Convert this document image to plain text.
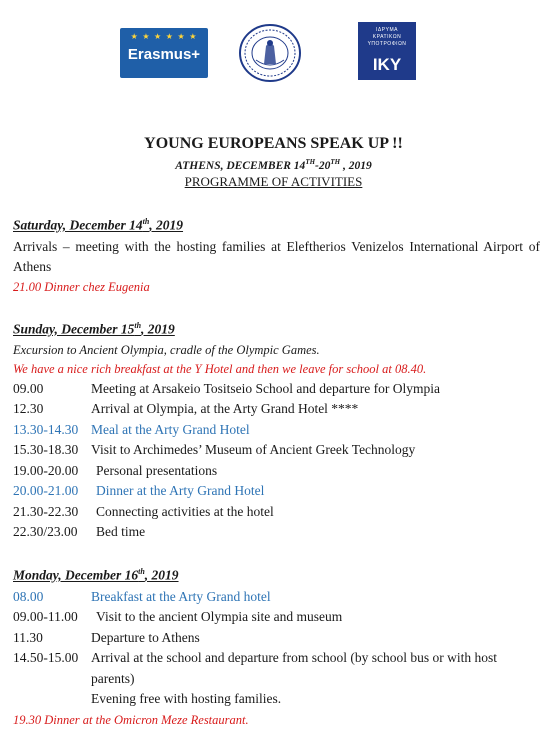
★ ★ ★ ★ ★ ★
Erasmus+
ΙΔΡΥΜΑ
ΚΡΑΤΙΚΩΝ
ΥΠΟΤΡΟΦΙΩΝ
IKY
YOUNG EUROPEANS SPEAK UP !!
ATHENS, DECEMBER 14TH-20TH , 2019
PROGRAMME OF ACTIVITIES

Saturday, December 14th, 2019

Arrivals – meeting with the hosting families at Eleftherios Venizelos International Airport of Athens

21.00 Dinner chez Eugenia

Sunday, December 15th, 2019

Excursion to Ancient Olympia, cradle of the Olympic Games.

We have a nice rich breakfast at the Y Hotel and then we leave for school at 08.40.

09.00	Meeting at Arsakeio Tositseio School and departure for Olympia
12.30	Arrival at Olympia, at the Arty Grand Hotel ****
13.30-14.30 Meal at the Arty Grand Hotel
15.30-18.30 Visit to Archimedes’ Museum of Ancient Greek Technology
19.00-20.00	Personal presentations
20.00-21.00	Dinner at the Arty Grand Hotel
21.30-22.30	Connecting activities at the hotel
22.30/23.00	Bed time

Monday, December 16th, 2019

08.00	Breakfast at the Arty Grand hotel
09.00-11.00	Visit to the ancient Olympia site and museum
11.30	Departure to Athens
14.50-15.00 Arrival at the school and departure from school (by school bus or with host parents)
Evening free with hosting families.

19.30 Dinner at the Omicron Meze Restaurant.
